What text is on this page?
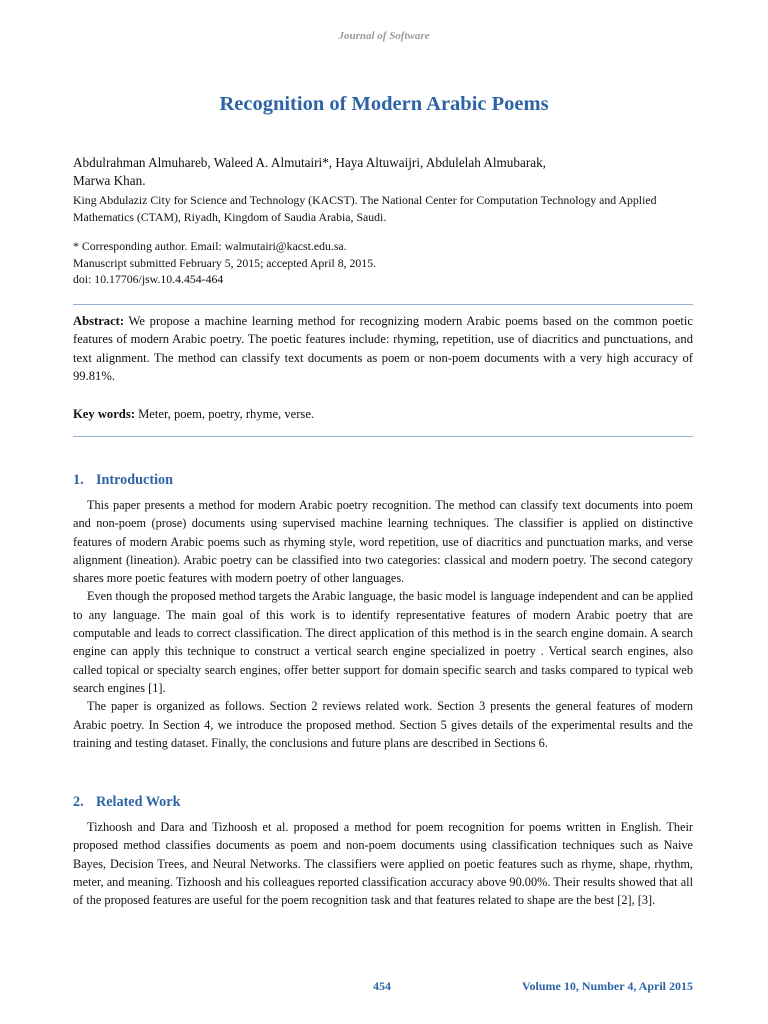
Journal of Software
Recognition of Modern Arabic Poems
Abdulrahman Almuhareb, Waleed A. Almutairi*, Haya Altuwaijri, Abdulelah Almubarak,
Marwa Khan.
King Abdulaziz City for Science and Technology (KACST). The National Center for Computation Technology and Applied Mathematics (CTAM), Riyadh, Kingdom of Saudia Arabia, Saudi.
* Corresponding author. Email: walmutairi@kacst.edu.sa.
Manuscript submitted February 5, 2015; accepted April 8, 2015.
doi: 10.17706/jsw.10.4.454-464

Abstract: We propose a machine learning method for recognizing modern Arabic poems based on the common poetic features of modern Arabic poetry. The poetic features include: rhyming, repetition, use of diacritics and punctuations, and text alignment. The method can classify text documents as poem or non-poem documents with a very high accuracy of 99.81%.

Key words: Meter, poem, poetry, rhyme, verse.

1. Introduction

This paper presents a method for modern Arabic poetry recognition. The method can classify text documents into poem and non-poem (prose) documents using supervised machine learning techniques. The classifier is applied on distinctive features of modern Arabic poems such as rhyming style, word repetition, use of diacritics and punctuation marks, and verse alignment (lineation). Arabic poetry can be classified into two categories: classical and modern poetry. The second category shares more poetic features with modern poetry of other languages.

Even though the proposed method targets the Arabic language, the basic model is language independent and can be applied to any language. The main goal of this work is to identify representative features of modern Arabic poetry that are computable and leads to correct classification. The direct application of this method is in the search engine domain. A search engine can apply this technique to construct a vertical search engine specialized in poetry . Vertical search engines, also called topical or specialty search engines, offer better support for domain specific search and tasks compared to typical web search engines [1].

The paper is organized as follows. Section 2 reviews related work. Section 3 presents the general features of modern Arabic poetry. In Section 4, we introduce the proposed method. Section 5 gives details of the experimental results and the training and testing dataset. Finally, the conclusions and future plans are described in Sections 6.

2. Related Work

Tizhoosh and Dara and Tizhoosh et al. proposed a method for poem recognition for poems written in English. Their proposed method classifies documents as poem and non-poem documents using classification techniques such as Naive Bayes, Decision Trees, and Neural Networks. The classifiers were applied on poetic features such as rhyme, shape, rhythm, meter, and meaning. Tizhoosh and his colleagues reported classification accuracy above 90.00%. Their results showed that all of the proposed features are useful for the poem recognition task and that features related to shape are the best [2], [3].

454	Volume 10, Number 4, April 2015
